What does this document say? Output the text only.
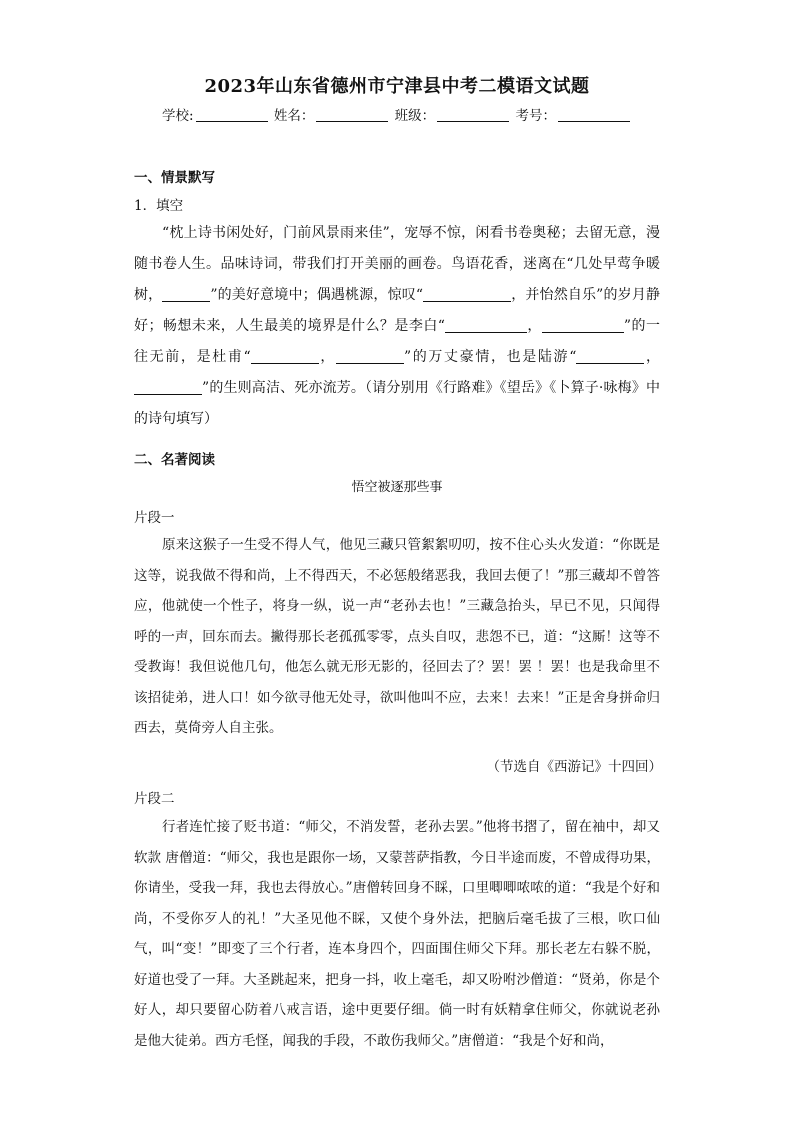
2023年山东省德州市宁津县中考二模语文试题
学校:	姓名：	班级：	考号：
一、情景默写
1．填空
“枕上诗书闲处好，门前风景雨来佳”，宠辱不惊，闲看书卷奥秘；去留无意，漫随书卷人生。品味诗词，带我们打开美丽的画卷。鸟语花香，迷离在“几处早莺争暖树，	”的美好意境中；偶遇桃源，惊叹“	，并怡然自乐”的岁月静好；畅想未来，人生最美的境界是什么？是李白“	，	”的一往无前，是杜甫“	，	”的万丈豪情，也是陆游“	，”的生则高洁、死亦流芳。（请分别用《行路难》《望岳》《卜算子·咏梅》中的诗句填写）
二、名著阅读
悟空被逐那些事
片段一
原来这猴子一生受不得人气，他见三藏只管絮絮叨叨，按不住心头火发道：“你既是这等，说我做不得和尚，上不得西天，不必惩般绪恶我，我回去便了！”那三藏却不曾答应，他就使一个性子，将身一纵，说一声“老孙去也！”三藏急抬头，早已不见，只闻得呼的一声，回东而去。撇得那长老孤孤零零，点头自叹，悲怨不已，道：“这厮！这等不受教诲！我但说他几句，他怎么就无形无影的，径回去了？罢！罢 ！罢！也是我命里不该招徒弟，进人口！如今欲寻他无处寻，欲叫他叫不应，去来！去来！”正是舍身拼命归西去，莫倚旁人自主张。
（节选自《西游记》十四回）
片段二
行者连忙接了贬书道：“师父，不消发誓，老孙去罢。”他将书摺了，留在袖中，却又软款 唐僧道：“师父，我也是跟你一场，又蒙菩萨指教，今日半途而废，不曾成得功果，你请坐，受我一拜，我也去得放心。”唐僧转回身不睬，口里唧唧哝哝的道：“我是个好和尚，不受你歹人的礼！”大圣见他不睬，又使个身外法，把脑后毫毛拔了三根，吹口仙气，叫“变！”即变了三个行者，连本身四个，四面围住师父下拜。那长老左右躲不脱，好道也受了一拜。大圣跳起来，把身一抖，收上毫毛，却又吩咐沙僧道：“贤弟，你是个好人，却只要留心防着八戒言语，途中更要仔细。倘一时有妖精拿住师父，你就说老孙是他大徒弟。西方毛怪，闻我的手段，不敢伤我师父。”唐僧道：“我是个好和尚，
